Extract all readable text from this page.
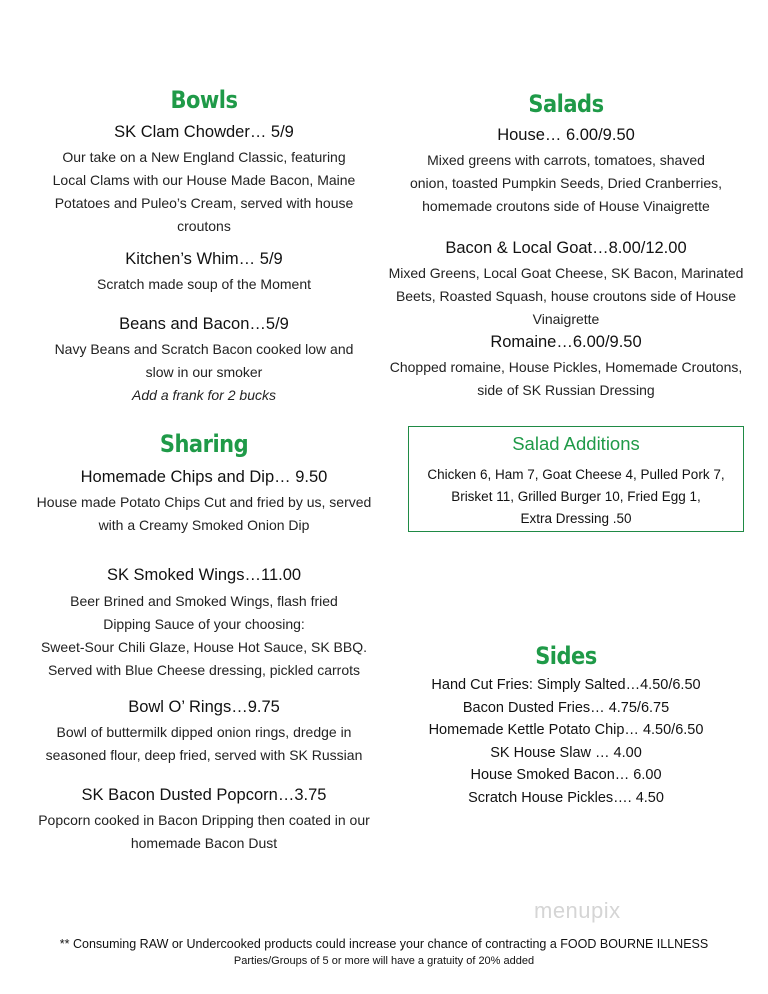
Bowls
SK Clam Chowder… 5/9
Our take on a New England Classic, featuring
Local Clams with our House Made Bacon, Maine
Potatoes and Puleo’s Cream, served with house
croutons
Kitchen’s Whim… 5/9
Scratch made soup of the Moment
Beans and Bacon…5/9
Navy Beans and Scratch Bacon cooked low and
slow in our smoker
Add a frank for 2 bucks
Sharing
Homemade Chips and Dip… 9.50
House made Potato Chips Cut and fried by us, served
with a Creamy Smoked Onion Dip
SK Smoked Wings…11.00
Beer Brined and Smoked Wings, flash fried
Dipping Sauce of your choosing:
Sweet-Sour Chili Glaze, House Hot Sauce, SK BBQ.
Served with Blue Cheese dressing, pickled carrots
Bowl O’ Rings…9.75
Bowl of buttermilk dipped onion rings, dredge in
seasoned flour, deep fried, served with SK Russian
SK Bacon Dusted Popcorn…3.75
Popcorn cooked in Bacon Dripping then coated in our
homemade Bacon Dust
Salads
House… 6.00/9.50
Mixed greens with carrots, tomatoes, shaved
onion, toasted Pumpkin Seeds, Dried Cranberries,
homemade croutons side of House Vinaigrette
Bacon & Local Goat…8.00/12.00
Mixed Greens, Local Goat Cheese, SK Bacon, Marinated
Beets, Roasted Squash, house croutons side of House
Vinaigrette
Romaine…6.00/9.50
Chopped romaine, House Pickles, Homemade Croutons,
side of SK Russian Dressing
Sides
Hand Cut Fries: Simply Salted…4.50/6.50
Bacon Dusted Fries… 4.75/6.75
Homemade Kettle Potato Chip… 4.50/6.50
SK House Slaw … 4.00
House Smoked Bacon… 6.00
Scratch House Pickles…. 4.50
Salad Additions
Chicken 6, Ham 7, Goat Cheese 4, Pulled Pork 7,
Brisket 11, Grilled Burger 10, Fried Egg 1,
Extra Dressing .50
menupix
** Consuming RAW or Undercooked products could increase your chance of contracting a FOOD BOURNE ILLNESS
Parties/Groups of 5 or more will have a gratuity of 20% added
